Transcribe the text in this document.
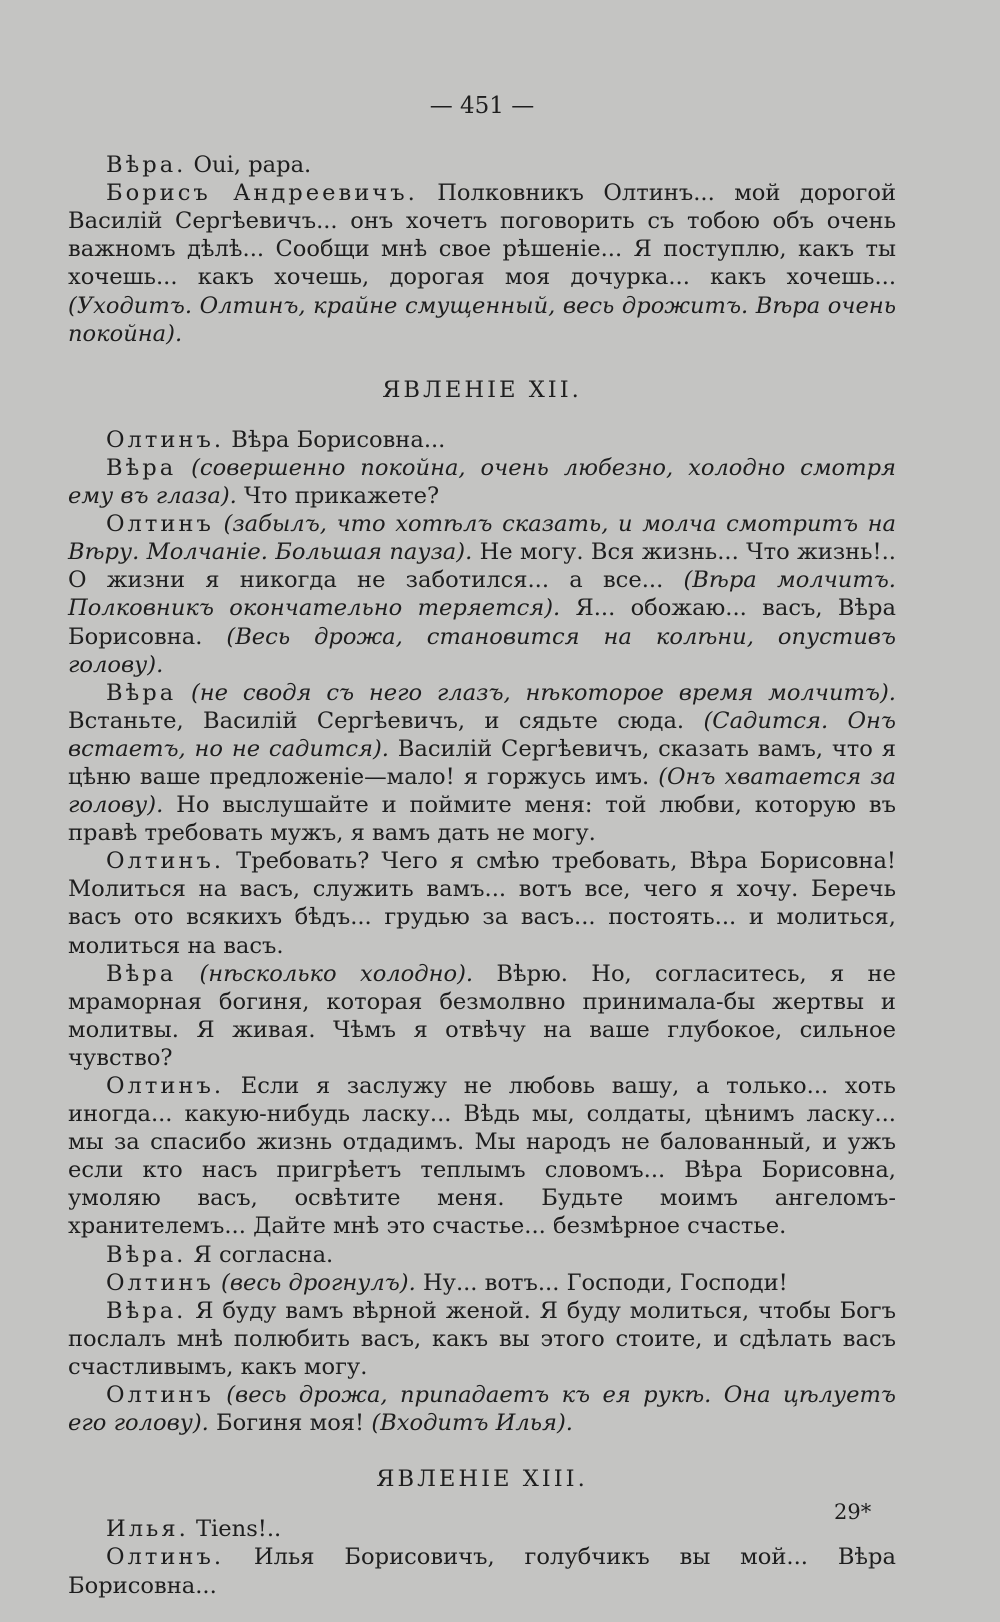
— 451 —

Вѣра. Oui, papa.

Борисъ Андреевичъ. Полковникъ Олтинъ... мой дорогой Василій Сергѣевичъ... онъ хочетъ поговорить съ тобою объ очень важномъ дѣлѣ... Сообщи мнѣ свое рѣшеніе... Я поступлю, какъ ты хочешь... какъ хочешь, дорогая моя дочурка... какъ хочешь... (Уходитъ. Олтинъ, крайне смущенный, весь дрожитъ. Вѣра очень покойна).

ЯВЛЕНІЕ XII.

Олтинъ. Вѣра Борисовна...

Вѣра (совершенно покойна, очень любезно, холодно смотря ему въ глаза). Что прикажете?

Олтинъ (забылъ, что хотѣлъ сказать, и молча смотритъ на Вѣру. Молчаніе. Большая пауза). Не могу. Вся жизнь... Что жизнь!.. О жизни я никогда не заботился... а все... (Вѣра молчитъ. Полковникъ окончательно теряется). Я... обожаю... васъ, Вѣра Борисовна. (Весь дрожа, становится на колѣни, опустивъ голову).

Вѣра (не сводя съ него глазъ, нѣкоторое время молчитъ). Встаньте, Василій Сергѣевичъ, и сядьте сюда. (Садится. Онъ встаетъ, но не садится). Василій Сергѣевичъ, сказать вамъ, что я цѣню ваше предложеніе—мало! я горжусь имъ. (Онъ хватается за голову). Но выслушайте и поймите меня: той любви, которую въ правѣ требовать мужъ, я вамъ дать не могу.

Олтинъ. Требовать? Чего я смѣю требовать, Вѣра Борисовна! Молиться на васъ, служить вамъ... вотъ все, чего я хочу. Беречь васъ ото всякихъ бѣдъ... грудью за васъ... постоять... и молиться, молиться на васъ.

Вѣра (нѣсколько холодно). Вѣрю. Но, согласитесь, я не мраморная богиня, которая безмолвно принимала-бы жертвы и молитвы. Я живая. Чѣмъ я отвѣчу на ваше глубокое, сильное чувство?

Олтинъ. Если я заслужу не любовь вашу, а только... хоть иногда... какую-нибудь ласку... Вѣдь мы, солдаты, цѣнимъ ласку... мы за спасибо жизнь отдадимъ. Мы народъ не балованный, и ужъ если кто насъ пригрѣетъ теплымъ словомъ... Вѣра Борисовна, умоляю васъ, освѣтите меня. Будьте моимъ ангеломъ-хранителемъ... Дайте мнѣ это счастье... безмѣрное счастье.

Вѣра. Я согласна.

Олтинъ (весь дрогнулъ). Ну... вотъ... Господи, Господи!

Вѣра. Я буду вамъ вѣрной женой. Я буду молиться, чтобы Богъ послалъ мнѣ полюбить васъ, какъ вы этого стоите, и сдѣлать васъ счастливымъ, какъ могу.

Олтинъ (весь дрожа, припадаетъ къ ея рукѣ. Она цѣлуетъ его голову). Богиня моя! (Входитъ Илья).

ЯВЛЕНІЕ XIII.

Илья. Tiens!..

Олтинъ. Илья Борисовичъ, голубчикъ вы мой... Вѣра Борисовна...

29*
